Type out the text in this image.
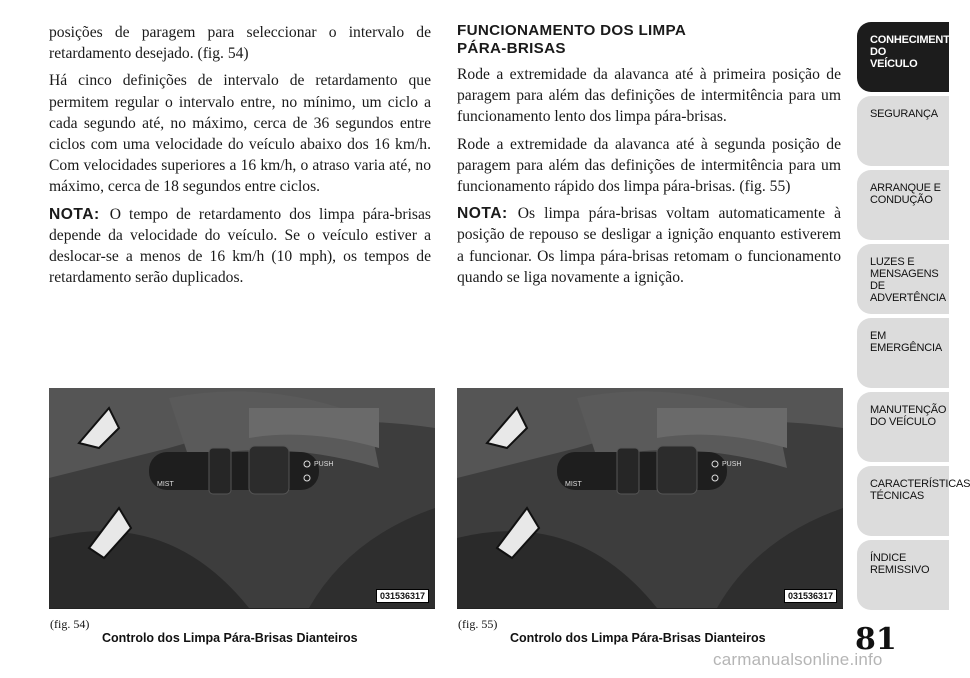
posições de paragem para seleccionar o intervalo de retardamento desejado. (fig. 54)

Há cinco definições de intervalo de retardamento que permitem regular o intervalo entre, no mínimo, um ciclo a cada segundo até, no máximo, cerca de 36 segundos entre ciclos com uma velocidade do veículo abaixo dos 16 km/h. Com velocidades superiores a 16 km/h, o atraso varia até, no máximo, cerca de 18 segundos entre ciclos.

NOTA: O tempo de retardamento dos limpa pára-brisas depende da velocidade do veículo. Se o veículo estiver a deslocar-se a menos de 16 km/h (10 mph), os tempos de retardamento serão duplicados.

FUNCIONAMENTO DOS LIMPA
PÁRA-BRISAS

Rode a extremidade da alavanca até à primeira posição de paragem para além das definições de intermitência para um funcionamento lento dos limpa pára-brisas.

Rode a extremidade da alavanca até à segunda posição de paragem para além das definições de intermitência para um funcionamento rápido dos limpa pára-brisas. (fig. 55)

NOTA: Os limpa pára-brisas voltam automaticamente à posição de repouso se desligar a ignição enquanto estiverem a funcionar. Os limpa pára-brisas retomam o funcionamento quando se liga novamente a ignição.

MIST
PUSH
031536317
MIST
PUSH
031536317
(fig. 54)
Controlo dos Limpa Pára-Brisas Dianteiros
(fig. 55)
Controlo dos Limpa Pára-Brisas Dianteiros
CONHECIMENTO
DO
VEÍCULO
SEGURANÇA
ARRANQUE E
CONDUÇÃO
LUZES E
MENSAGENS
DE
ADVERTÊNCIA
EM
EMERGÊNCIA
MANUTENÇÃO
DO VEÍCULO
CARACTERÍSTICAS
TÉCNICAS
ÍNDICE
REMISSIVO
81
carmanualsonline.info
